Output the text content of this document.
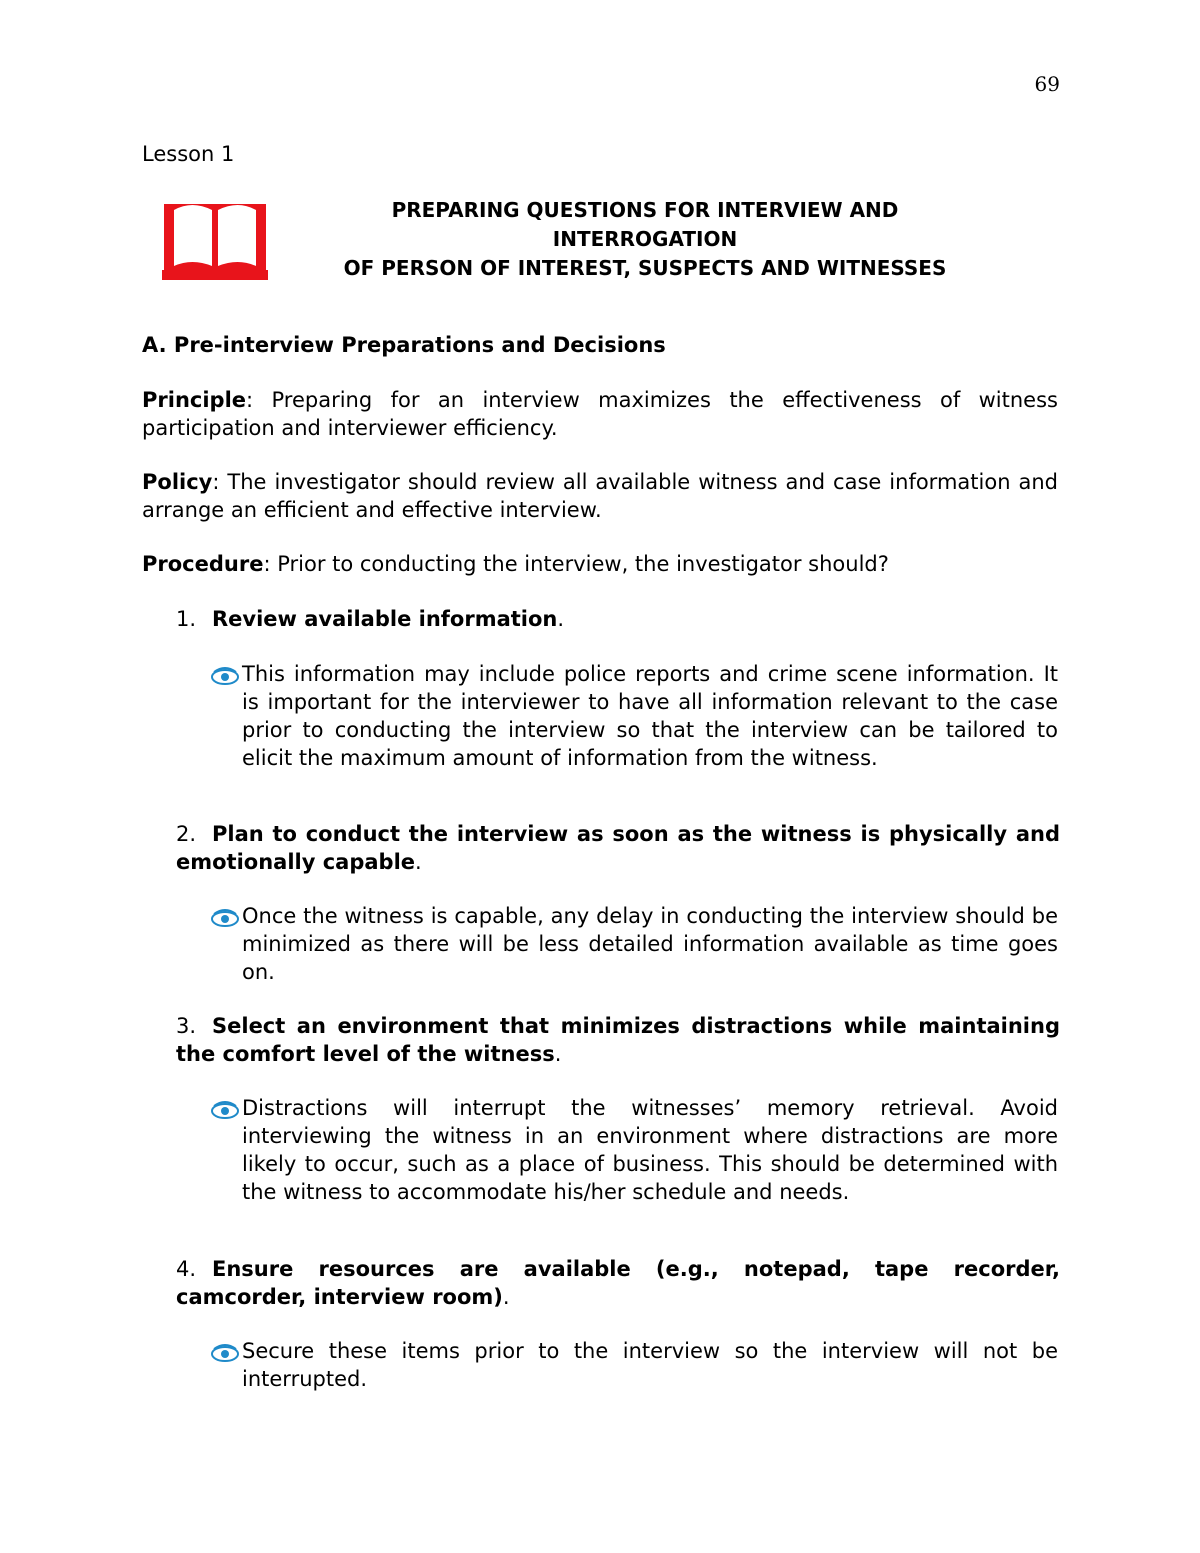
69
Lesson 1
PREPARING QUESTIONS FOR INTERVIEW AND INTERROGATION
OF PERSON OF INTEREST, SUSPECTS AND WITNESSES
A. Pre-interview Preparations and Decisions
Principle: Preparing for an interview maximizes the effectiveness of witness participation and interviewer efficiency.
Policy: The investigator should review all available witness and case information and arrange an efficient and effective interview.
Procedure: Prior to conducting the interview, the investigator should?
1. Review available information.
This information may include police reports and crime scene information. It is important for the interviewer to have all information relevant to the case prior to conducting the interview so that the interview can be tailored to elicit the maximum amount of information from the witness.
2. Plan to conduct the interview as soon as the witness is physically and emotionally capable.
Once the witness is capable, any delay in conducting the interview should be minimized as there will be less detailed information available as time goes on.
3. Select an environment that minimizes distractions while maintaining the comfort level of the witness.
Distractions will interrupt the witnesses’ memory retrieval. Avoid interviewing the witness in an environment where distractions are more likely to occur, such as a place of business. This should be determined with the witness to accommodate his/her schedule and needs.
4. Ensure resources are available (e.g., notepad, tape recorder, camcorder, interview room).
Secure these items prior to the interview so the interview will not be interrupted.
